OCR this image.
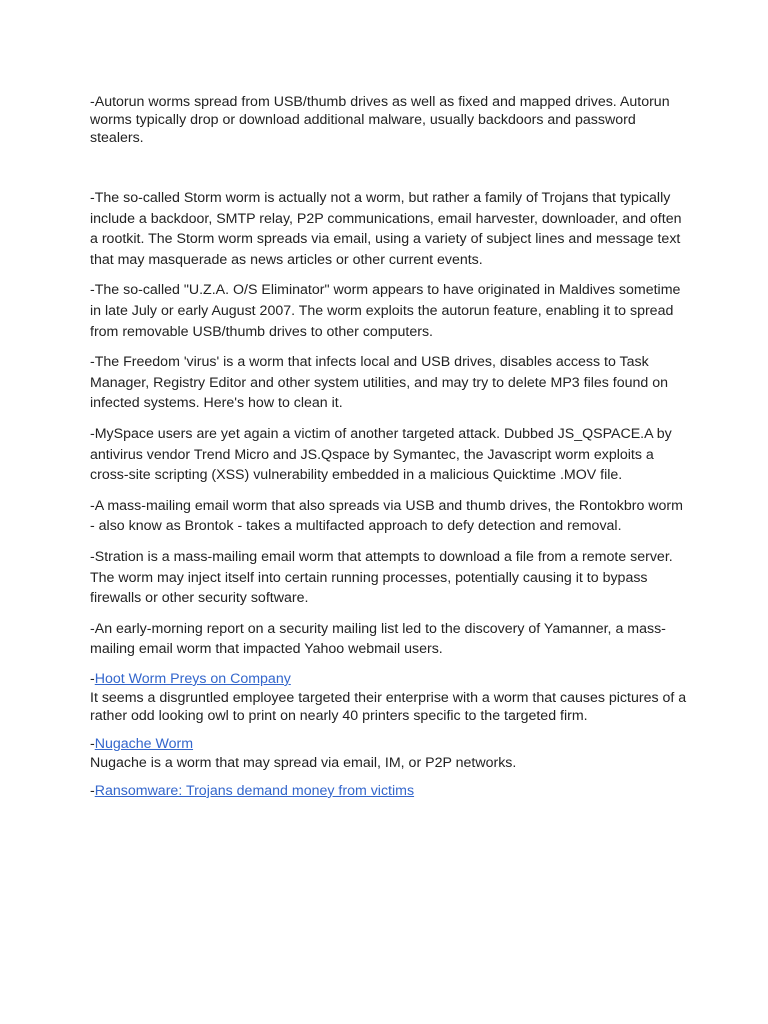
-Autorun worms spread from USB/thumb drives as well as fixed and mapped drives. Autorun worms typically drop or download additional malware, usually backdoors and password stealers.

-The so-called Storm worm is actually not a worm, but rather a family of Trojans that typically include a backdoor, SMTP relay, P2P communications, email harvester, downloader, and often a rootkit. The Storm worm spreads via email, using a variety of subject lines and message text that may masquerade as news articles or other current events.

-The so-called "U.Z.A. O/S Eliminator" worm appears to have originated in Maldives sometime in late July or early August 2007. The worm exploits the autorun feature, enabling it to spread from removable USB/thumb drives to other computers.

-The Freedom 'virus' is a worm that infects local and USB drives, disables access to Task Manager, Registry Editor and other system utilities, and may try to delete MP3 files found on infected systems. Here's how to clean it.

-MySpace users are yet again a victim of another targeted attack. Dubbed JS_QSPACE.A by antivirus vendor Trend Micro and JS.Qspace by Symantec, the Javascript worm exploits a cross-site scripting (XSS) vulnerability embedded in a malicious Quicktime .MOV file.

-A mass-mailing email worm that also spreads via USB and thumb drives, the Rontokbro worm - also know as Brontok - takes a multifacted approach to defy detection and removal.

-Stration is a mass-mailing email worm that attempts to download a file from a remote server. The worm may inject itself into certain running processes, potentially causing it to bypass firewalls or other security software.

-An early-morning report on a security mailing list led to the discovery of Yamanner, a mass-mailing email worm that impacted Yahoo webmail users.

-Hoot Worm Preys on Company
It seems a disgruntled employee targeted their enterprise with a worm that causes pictures of a rather odd looking owl to print on nearly 40 printers specific to the targeted firm.
-Nugache Worm
Nugache is a worm that may spread via email, IM, or P2P networks.
-Ransomware: Trojans demand money from victims
